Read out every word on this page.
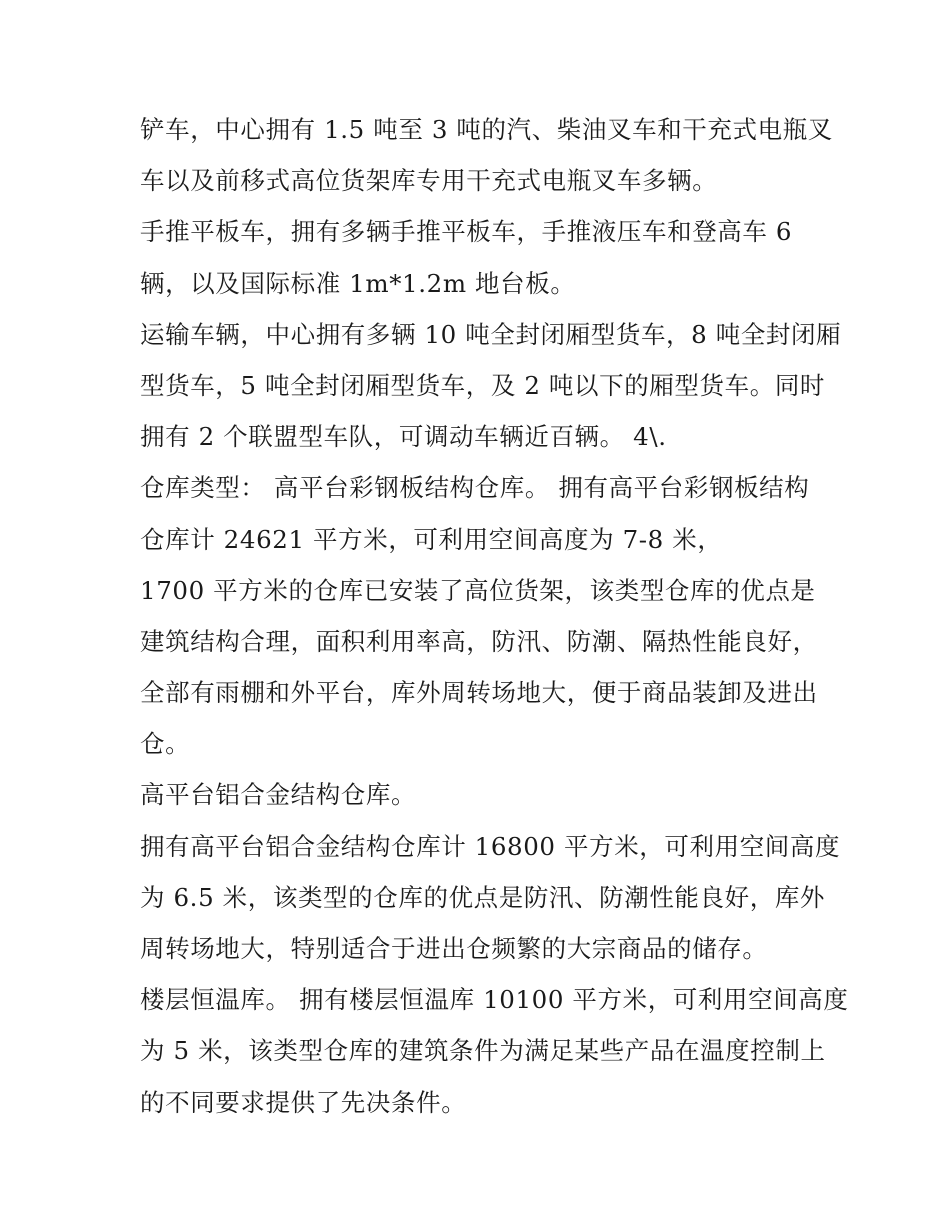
铲车，中心拥有 1.5 吨至 3 吨的汽、柴油叉车和干充式电瓶叉
车以及前移式高位货架库专用干充式电瓶叉车多辆。
手推平板车，拥有多辆手推平板车，手推液压车和登高车 6
辆，以及国际标准 1m*1.2m 地台板。
运输车辆，中心拥有多辆 10 吨全封闭厢型货车，8 吨全封闭厢
型货车，5 吨全封闭厢型货车，及 2 吨以下的厢型货车。同时
拥有 2 个联盟型车队，可调动车辆近百辆。 4\.
仓库类型： 高平台彩钢板结构仓库。 拥有高平台彩钢板结构
仓库计 24621 平方米，可利用空间高度为 7-8 米，
1700 平方米的仓库已安装了高位货架，该类型仓库的优点是
建筑结构合理，面积利用率高，防汛、防潮、隔热性能良好，
全部有雨棚和外平台，库外周转场地大，便于商品装卸及进出
仓。
高平台铝合金结构仓库。
拥有高平台铝合金结构仓库计 16800 平方米，可利用空间高度
为 6.5 米，该类型的仓库的优点是防汛、防潮性能良好，库外
周转场地大，特别适合于进出仓频繁的大宗商品的储存。
楼层恒温库。 拥有楼层恒温库 10100 平方米，可利用空间高度
为 5 米，该类型仓库的建筑条件为满足某些产品在温度控制上
的不同要求提供了先决条件。
